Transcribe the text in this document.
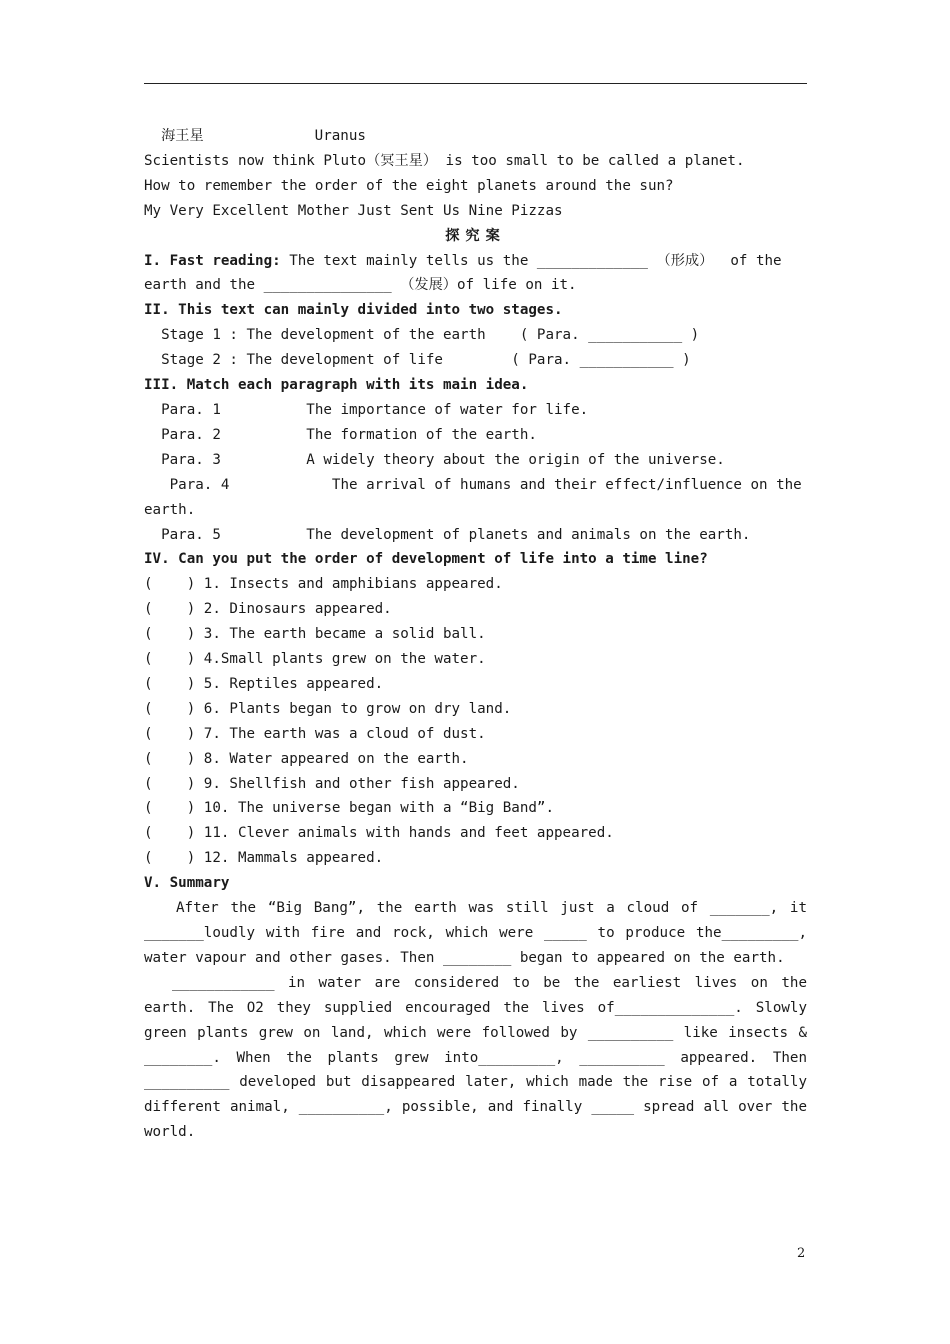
海王星             Uranus
Scientists now think Pluto（冥王星） is too small to be called a planet.
How to remember the order of the eight planets around the sun?
My Very Excellent Mother Just Sent Us Nine Pizzas
探究案
I. Fast reading: The text mainly tells us the _____________ （形成）  of the
earth and the _______________ （发展）of life on it.
II. This text can mainly divided into two stages.
Stage 1 : The development of the earth    ( Para. ___________ )
Stage 2 : The development of life        ( Para. ___________ )
III. Match each paragraph with its main idea.
Para. 1          The importance of water for life.
Para. 2          The formation of the earth.
Para. 3          A widely theory about the origin of the universe.
Para. 4            The arrival of humans and their effect/influence on the
earth.
Para. 5          The development of planets and animals on the earth.
IV. Can you put the order of development of life into a time line?
(    ) 1. Insects and amphibians appeared.
(    ) 2. Dinosaurs appeared.
(    ) 3. The earth became a solid ball.
(    ) 4.Small plants grew on the water.
(    ) 5. Reptiles appeared.
(    ) 6. Plants began to grow on dry land.
(    ) 7. The earth was a cloud of dust.
(    ) 8. Water appeared on the earth.
(    ) 9. Shellfish and other fish appeared.
(    ) 10. The universe began with a “Big Band”.
(    ) 11. Clever animals with hands and feet appeared.
(    ) 12. Mammals appeared.
V. Summary
After the “Big Bang”, the earth was still just a cloud of _______, it _______loudly with fire and rock, which were _____ to produce the_________, water vapour and other gases. Then ________ began to appeared on the earth.
____________ in water are considered to be the earliest lives on the earth. The O2 they supplied encouraged the lives of______________. Slowly green plants grew on land, which were followed by __________ like insects & ________. When the plants grew into_________, __________ appeared. Then __________ developed but disappeared later, which made the rise of a totally different animal, __________, possible, and finally _____ spread all over the world.
2
